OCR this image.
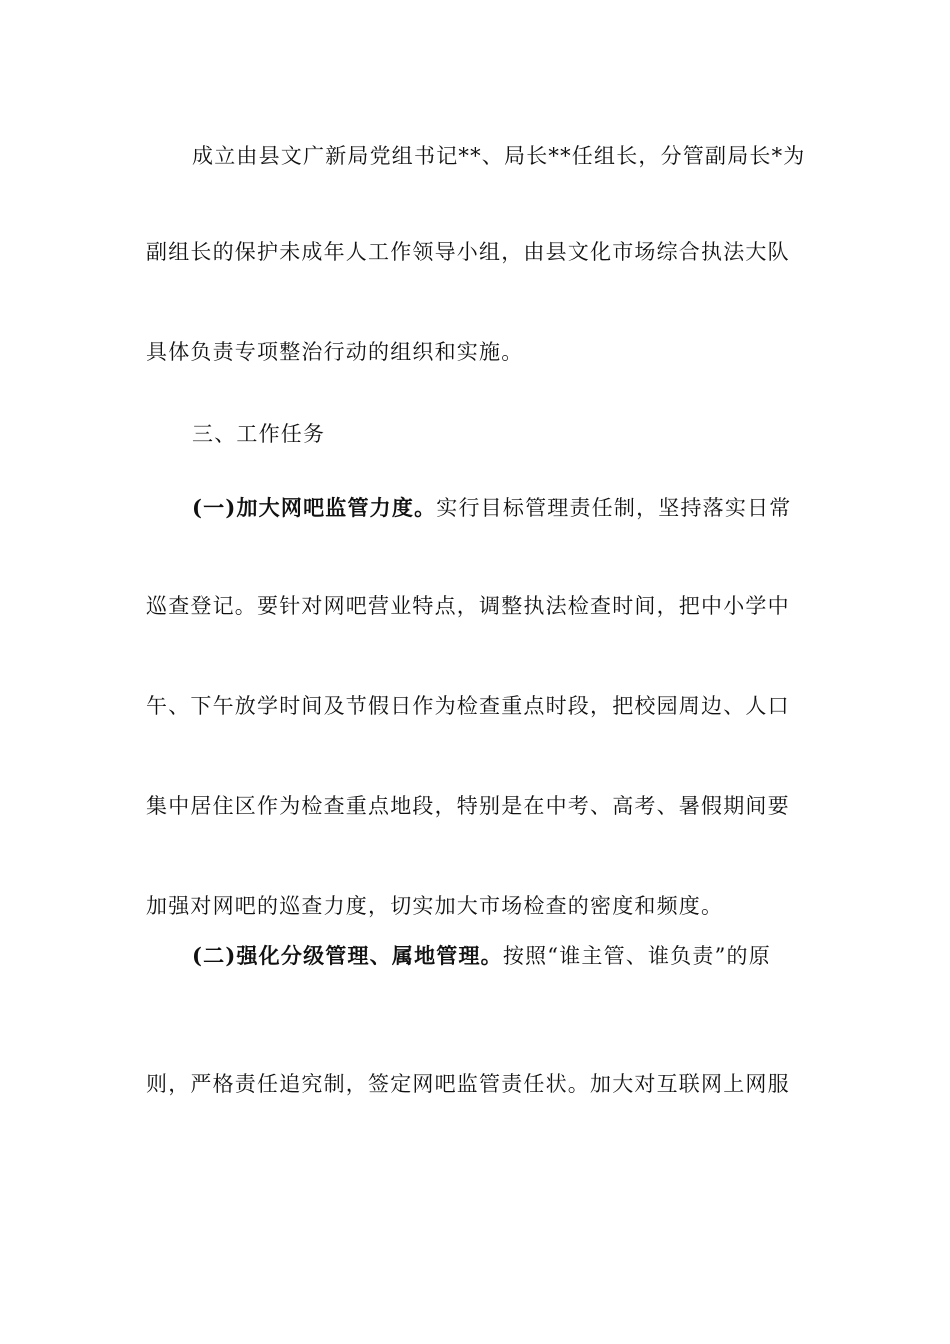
成立由县文广新局党组书记**、局长**任组长，分管副局长*为
副组长的保护未成年人工作领导小组，由县文化市场综合执法大队
具体负责专项整治行动的组织和实施。
三、工作任务
(一)加大网吧监管力度。实行目标管理责任制，坚持落实日常
巡查登记。要针对网吧营业特点，调整执法检查时间，把中小学中
午、下午放学时间及节假日作为检查重点时段，把校园周边、人口
集中居住区作为检查重点地段，特别是在中考、高考、暑假期间要
加强对网吧的巡查力度，切实加大市场检查的密度和频度。
(二)强化分级管理、属地管理。按照“谁主管、谁负责”的原
则，严格责任追究制，签定网吧监管责任状。加大对互联网上网服
